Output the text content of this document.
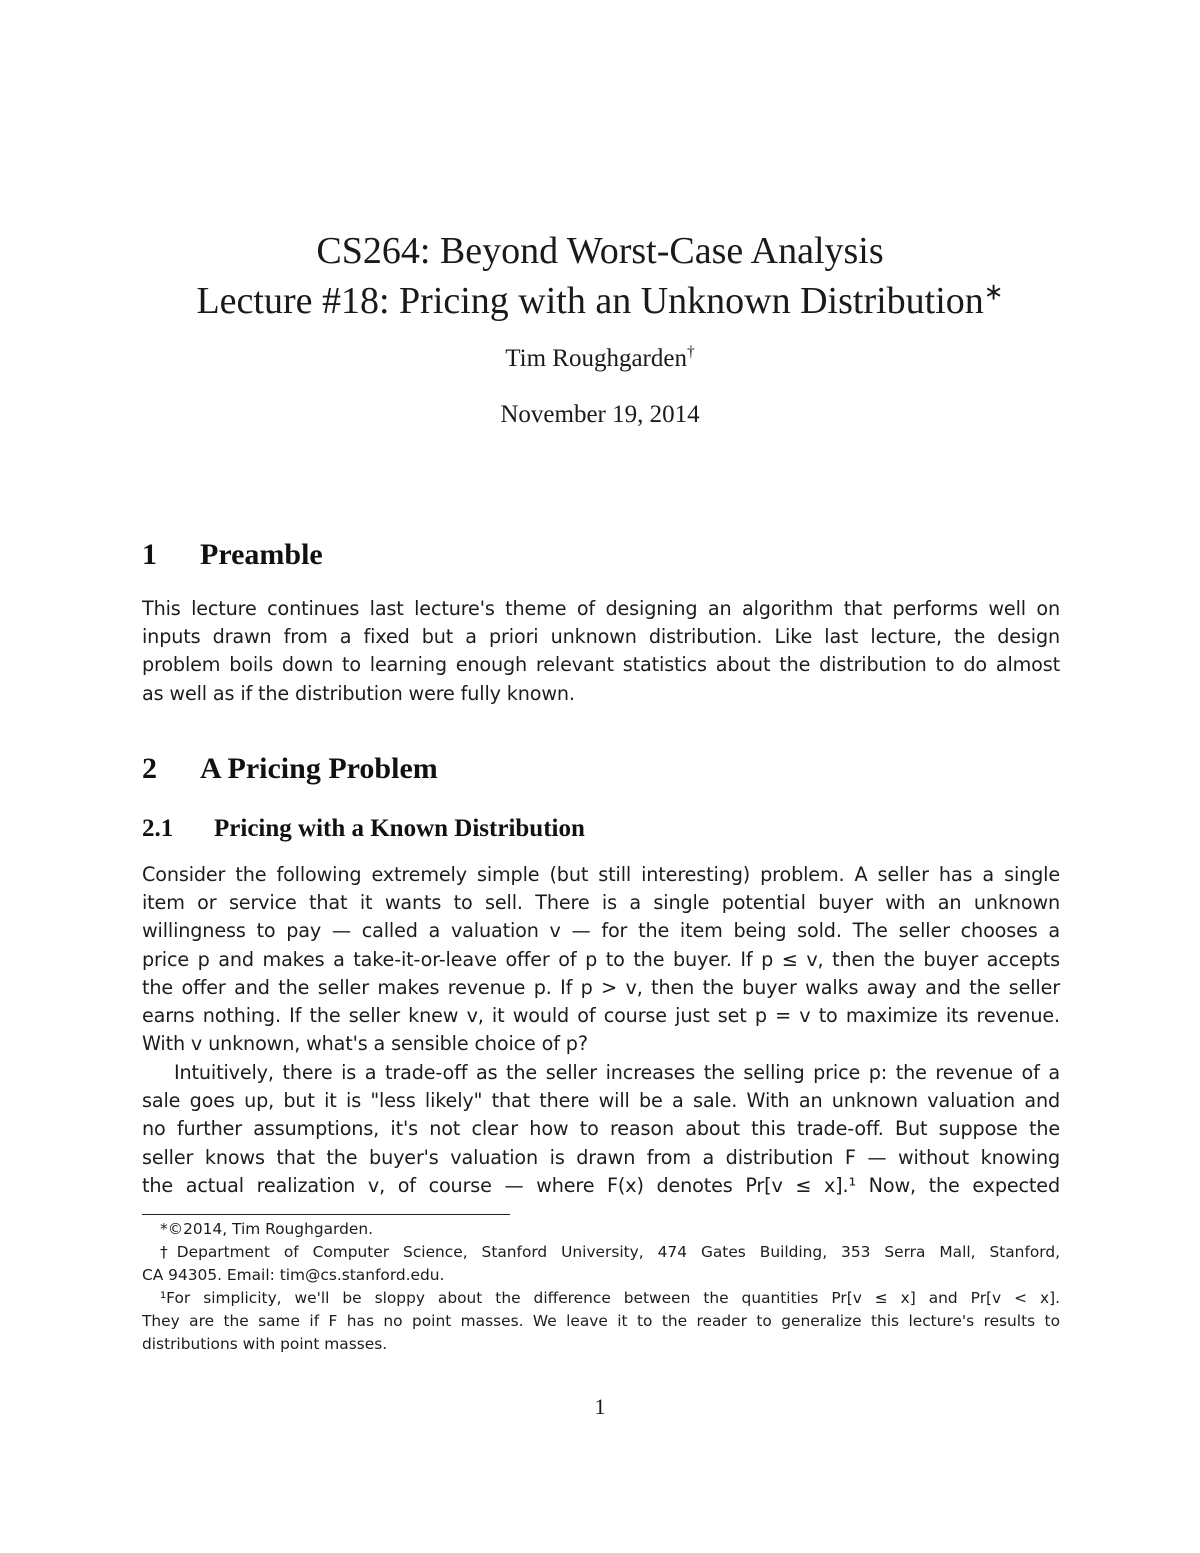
CS264: Beyond Worst-Case Analysis

Lecture #18: Pricing with an Unknown Distribution∗

Tim Roughgarden†

November 19, 2014

1 Preamble

This lecture continues last lecture's theme of designing an algorithm that performs well on
inputs drawn from a fixed but a priori unknown distribution. Like last lecture, the design
problem boils down to learning enough relevant statistics about the distribution to do almost
as well as if the distribution were fully known.

2 A Pricing Problem
2.1 Pricing with a Known Distribution

Consider the following extremely simple (but still interesting) problem. A seller has a single
item or service that it wants to sell. There is a single potential buyer with an unknown
willingness to pay — called a valuation v — for the item being sold. The seller chooses a
price p and makes a take-it-or-leave offer of p to the buyer. If p ≤ v, then the buyer accepts
the offer and the seller makes revenue p. If p > v, then the buyer walks away and the seller
earns nothing. If the seller knew v, it would of course just set p = v to maximize its revenue.
With v unknown, what's a sensible choice of p?

Intuitively, there is a trade-off as the seller increases the selling price p: the revenue of a
sale goes up, but it is "less likely" that there will be a sale. With an unknown valuation and
no further assumptions, it's not clear how to reason about this trade-off. But suppose the
seller knows that the buyer's valuation is drawn from a distribution F — without knowing
the actual realization v, of course — where F(x) denotes Pr[v ≤ x].¹ Now, the expected

*©2014, Tim Roughgarden.
†Department of Computer Science, Stanford University, 474 Gates Building, 353 Serra Mall, Stanford,
CA 94305. Email: tim@cs.stanford.edu.
¹For simplicity, we'll be sloppy about the difference between the quantities Pr[v ≤ x] and Pr[v < x].
They are the same if F has no point masses. We leave it to the reader to generalize this lecture's results to
distributions with point masses.
1
